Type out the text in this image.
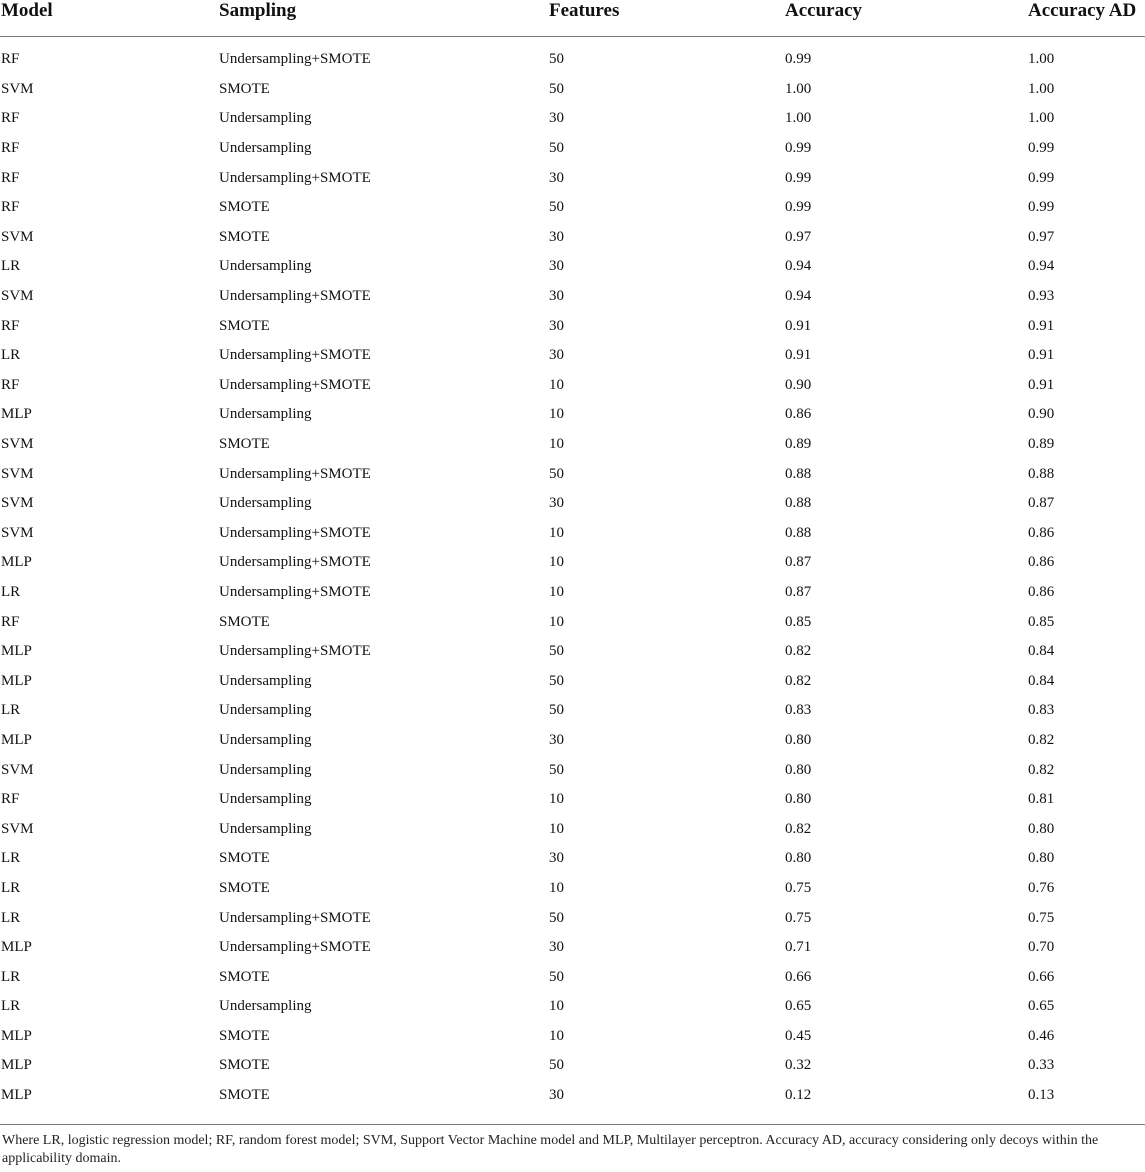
Model	Sampling	Features	Accuracy	Accuracy AD
RF	Undersampling+SMOTE	50	0.99	1.00
SVM	SMOTE	50	1.00	1.00
RF	Undersampling	30	1.00	1.00
RF	Undersampling	50	0.99	0.99
RF	Undersampling+SMOTE	30	0.99	0.99
RF	SMOTE	50	0.99	0.99
SVM	SMOTE	30	0.97	0.97
LR	Undersampling	30	0.94	0.94
SVM	Undersampling+SMOTE	30	0.94	0.93
RF	SMOTE	30	0.91	0.91
LR	Undersampling+SMOTE	30	0.91	0.91
RF	Undersampling+SMOTE	10	0.90	0.91
MLP	Undersampling	10	0.86	0.90
SVM	SMOTE	10	0.89	0.89
SVM	Undersampling+SMOTE	50	0.88	0.88
SVM	Undersampling	30	0.88	0.87
SVM	Undersampling+SMOTE	10	0.88	0.86
MLP	Undersampling+SMOTE	10	0.87	0.86
LR	Undersampling+SMOTE	10	0.87	0.86
RF	SMOTE	10	0.85	0.85
MLP	Undersampling+SMOTE	50	0.82	0.84
MLP	Undersampling	50	0.82	0.84
LR	Undersampling	50	0.83	0.83
MLP	Undersampling	30	0.80	0.82
SVM	Undersampling	50	0.80	0.82
RF	Undersampling	10	0.80	0.81
SVM	Undersampling	10	0.82	0.80
LR	SMOTE	30	0.80	0.80
LR	SMOTE	10	0.75	0.76
LR	Undersampling+SMOTE	50	0.75	0.75
MLP	Undersampling+SMOTE	30	0.71	0.70
LR	SMOTE	50	0.66	0.66
LR	Undersampling	10	0.65	0.65
MLP	SMOTE	10	0.45	0.46
MLP	SMOTE	50	0.32	0.33
MLP	SMOTE	30	0.12	0.13
Where LR, logistic regression model; RF, random forest model; SVM, Support Vector Machine model and MLP, Multilayer perceptron. Accuracy AD, accuracy considering only decoys within the applicability domain.
